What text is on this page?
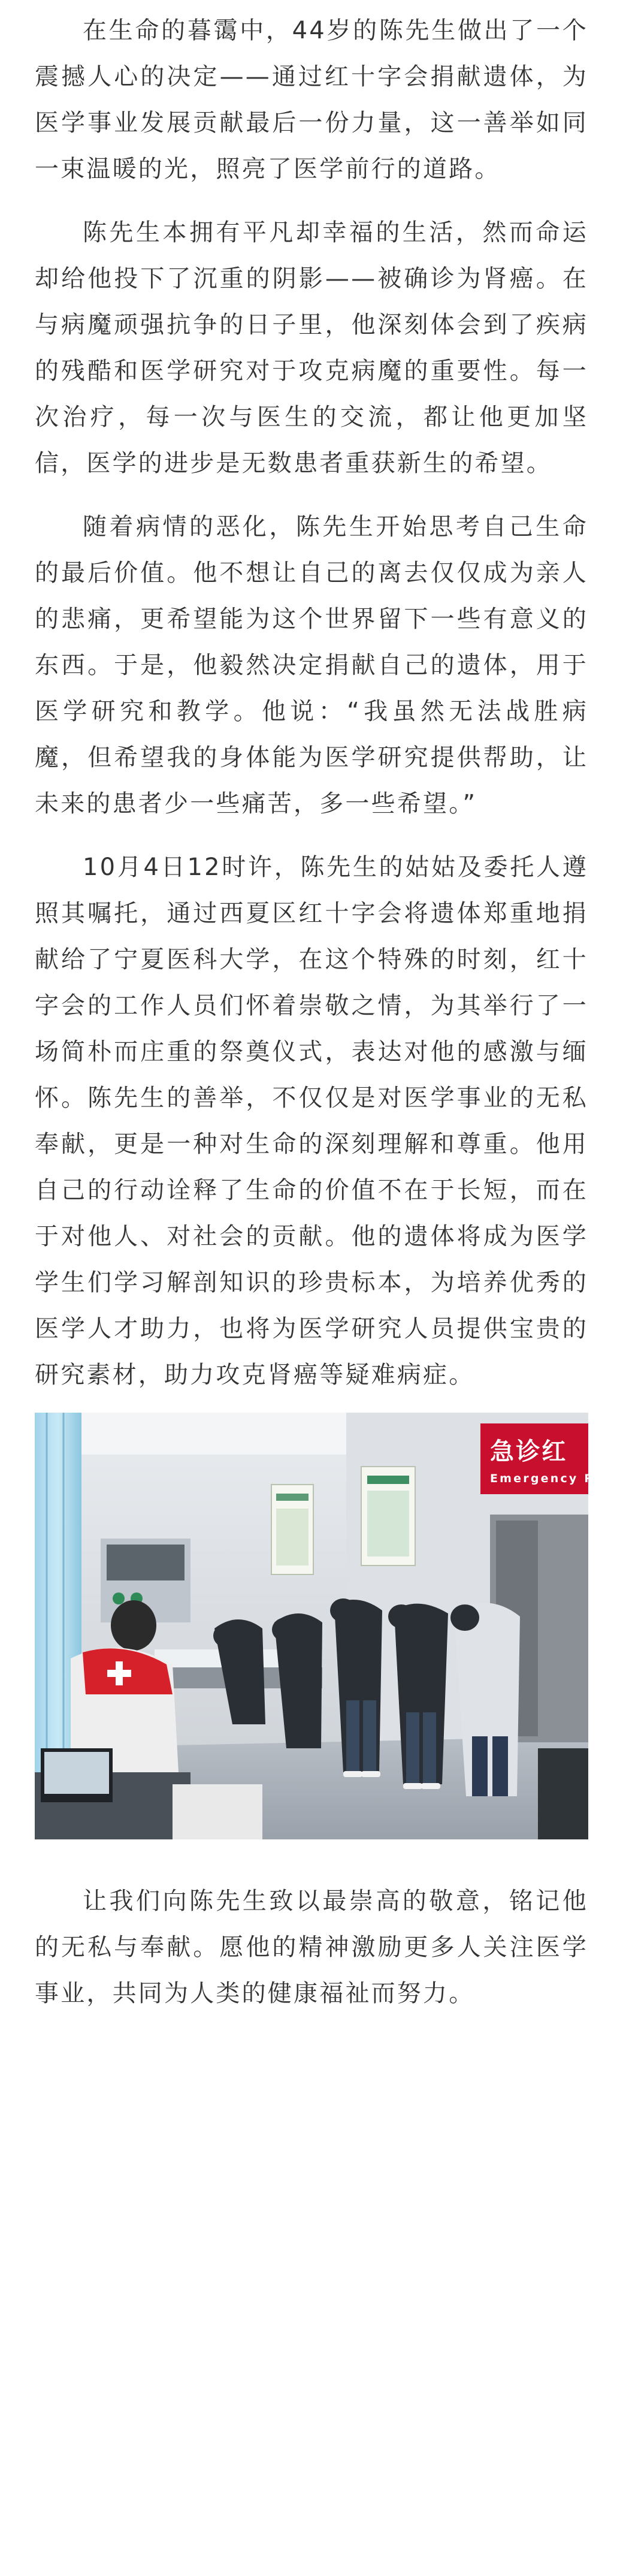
在生命的暮霭中，44岁的陈先生做出了一个震撼人心的决定——通过红十字会捐献遗体，为医学事业发展贡献最后一份力量，这一善举如同一束温暖的光，照亮了医学前行的道路。

陈先生本拥有平凡却幸福的生活，然而命运却给他投下了沉重的阴影——被确诊为肾癌。在与病魔顽强抗争的日子里，他深刻体会到了疾病的残酷和医学研究对于攻克病魔的重要性。每一次治疗，每一次与医生的交流，都让他更加坚信，医学的进步是无数患者重获新生的希望。

随着病情的恶化，陈先生开始思考自己生命的最后价值。他不想让自己的离去仅仅成为亲人的悲痛，更希望能为这个世界留下一些有意义的东西。于是，他毅然决定捐献自己的遗体，用于医学研究和教学。他说：“我虽然无法战胜病魔，但希望我的身体能为医学研究提供帮助，让未来的患者少一些痛苦，多一些希望。”

10月4日12时许，陈先生的姑姑及委托人遵照其嘱托，通过西夏区红十字会将遗体郑重地捐献给了宁夏医科大学，在这个特殊的时刻，红十字会的工作人员们怀着崇敬之情，为其举行了一场简朴而庄重的祭奠仪式，表达对他的感激与缅怀。陈先生的善举，不仅仅是对医学事业的无私奉献，更是一种对生命的深刻理解和尊重。他用自己的行动诠释了生命的价值不在于长短，而在于对他人、对社会的贡献。他的遗体将成为医学学生们学习解剖知识的珍贵标本，为培养优秀的医学人才助力，也将为医学研究人员提供宝贵的研究素材，助力攻克肾癌等疑难病症。

急诊红
Emergency Ro

让我们向陈先生致以最崇高的敬意，铭记他的无私与奉献。愿他的精神激励更多人关注医学事业，共同为人类的健康福祉而努力。
